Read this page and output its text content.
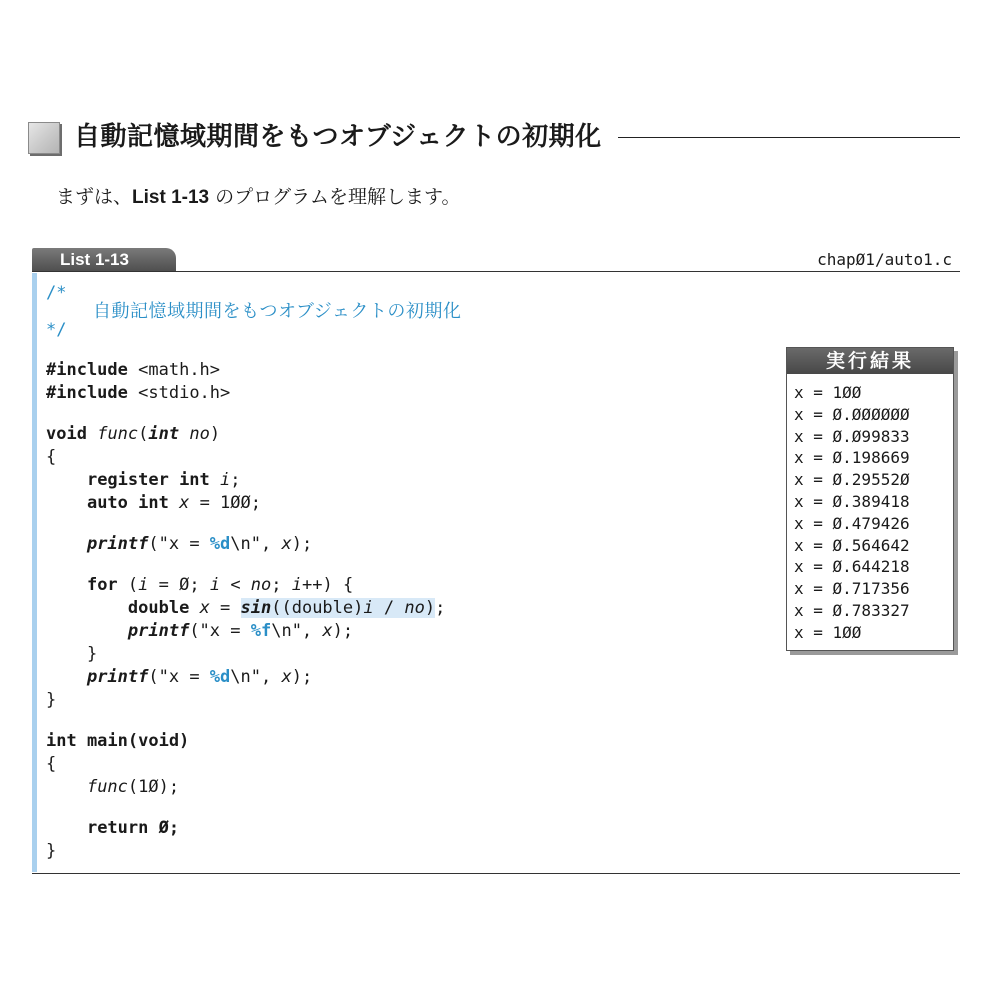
自動記憶域期間をもつオブジェクトの初期化
まずは、List 1-13 のプログラムを理解します。
List 1-13	chapØ1/auto1.c
/*
自動記憶域期間をもつオブジェクトの初期化
*/
#include <math.h>
#include <stdio.h>
void func(int no)
{
register int i;
auto int x = 1ØØ;
printf("x = %d\n", x);
for (i = Ø; i < no; i++) {
double x = sin((double)i / no);
printf("x = %f\n", x);
}
printf("x = %d\n", x);
}
int main(void)
{
func(1Ø);
return Ø;
}
実行結果
x = 1ØØ
x = Ø.ØØØØØØ
x = Ø.Ø99833
x = Ø.198669
x = Ø.29552Ø
x = Ø.389418
x = Ø.479426
x = Ø.564642
x = Ø.644218
x = Ø.717356
x = Ø.783327
x = 1ØØ
